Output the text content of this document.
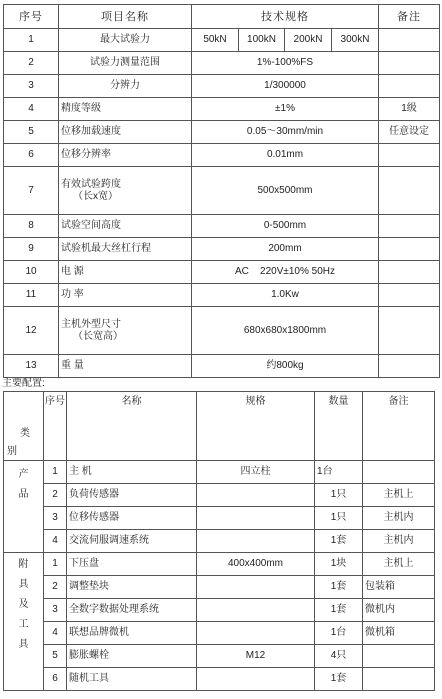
序号	项目名称	技术规格				备注
1	最大试验力	50kN	100kN	200kN	300kN	
2	试验力测量范围	1%-100%FS				
3	分辨力	1/300000				
4	精度等级	±1%				1级
5	位移加载速度	0.05～30mm/min				任意设定
6	位移分辨率	0.01mm				
7	有效试验跨度
（长x宽）	500x500mm				
8	试验空间高度	0-500mm				
9	试验机最大丝杠行程	200mm				
10	电 源	AC    220V±10% 50Hz				
11	功 率	1.0Kw				
12	主机外型尺寸
（长宽高）	680x680x1800mm				
13	重 量	约800kg				
主要配置:
类
别	序号	名称	规格	数量	备注

产
品	1	主 机	四立柱	1台	
	2	负荷传感器		1只	主机上
	3	位移传感器		1只	主机内
	4	交流伺服调速系统		1套	主机内

附
具
及
工
具	1	下压盘	400x400mm	1块	主机上
	2	调整垫块		1套	包装箱
	3	全数字数据处理系统		1套	微机内
	4	联想品牌微机		1台	微机箱
	5	膨胀螺栓	M12	4只	
	6	随机工具		1套	
